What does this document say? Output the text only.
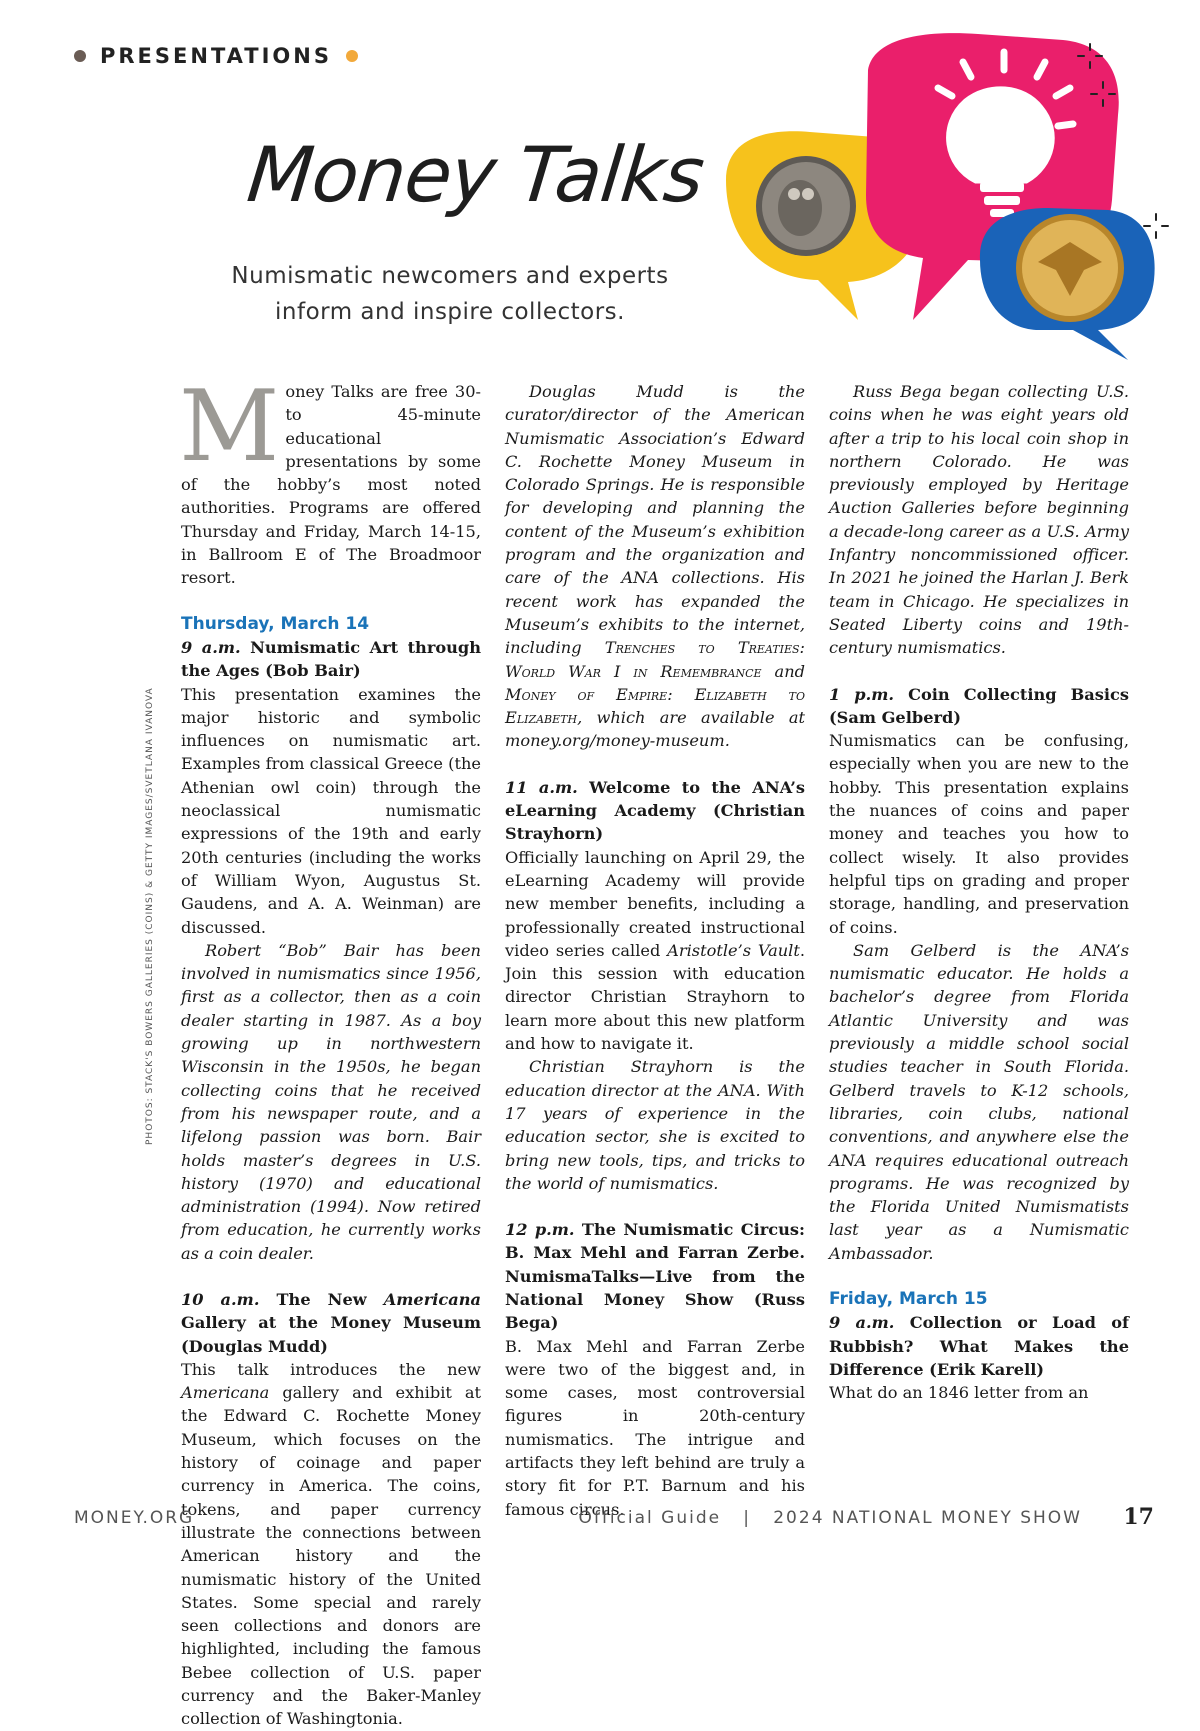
PRESENTATIONS
Money Talks
Numismatic newcomers and experts
inform and inspire collectors.
PHOTOS: STACK'S BOWERS GALLERIES (COINS) & GETTY IMAGES/SVETLANA IVANOVA

Money Talks are free 30- to 45-minute educational presentations by some of the hobby’s most noted authorities. Programs are offered Thursday and Friday, March 14-15, in Ballroom E of The Broadmoor resort.

Thursday, March 14

9 a.m. Numismatic Art through the Ages (Bob Bair)

This presentation examines the major historic and symbolic influences on numismatic art. Examples from classical Greece (the Athenian owl coin) through the neoclassical numismatic expressions of the 19th and early 20th centuries (including the works of William Wyon, Augustus St. Gaudens, and A. A. Weinman) are discussed.

Robert “Bob” Bair has been involved in numismatics since 1956, first as a collector, then as a coin dealer starting in 1987. As a boy growing up in northwestern Wisconsin in the 1950s, he began collecting coins that he received from his newspaper route, and a lifelong passion was born. Bair holds master’s degrees in U.S. history (1970) and educational administration (1994). Now retired from education, he currently works as a coin dealer.

10 a.m. The New Americana Gallery at the Money Museum (Douglas Mudd)

This talk introduces the new Americana gallery and exhibit at the Edward C. Rochette Money Museum, which focuses on the history of coinage and paper currency in America. The coins, tokens, and paper currency illustrate the connections between American history and the numismatic history of the United States. Some special and rarely seen collections and donors are highlighted, including the famous Bebee collection of U.S. paper currency and the Baker-Manley collection of Washingtonia.

Douglas Mudd is the curator/director of the American Numismatic Association’s Edward C. Rochette Money Museum in Colorado Springs. He is responsible for developing and planning the content of the Museum’s exhibition program and the organization and care of the ANA collections. His recent work has expanded the Museum’s exhibits to the internet, including Trenches to Treaties: World War I in Remembrance and Money of Empire: Elizabeth to Elizabeth, which are available at money.org/money-museum.

11 a.m. Welcome to the ANA’s eLearning Academy (Christian Strayhorn)

Officially launching on April 29, the eLearning Academy will provide new member benefits, including a professionally created instructional video series called Aristotle’s Vault. Join this session with education director Christian Strayhorn to learn more about this new platform and how to navigate it.

Christian Strayhorn is the education director at the ANA. With 17 years of experience in the education sector, she is excited to bring new tools, tips, and tricks to the world of numismatics.

12 p.m. The Numismatic Circus: B. Max Mehl and Farran Zerbe. NumismaTalks—Live from the National Money Show (Russ Bega)

B. Max Mehl and Farran Zerbe were two of the biggest and, in some cases, most controversial figures in 20th-century numismatics. The intrigue and artifacts they left behind are truly a story fit for P.T. Barnum and his famous circus.

Russ Bega began collecting U.S. coins when he was eight years old after a trip to his local coin shop in northern Colorado. He was previously employed by Heritage Auction Galleries before beginning a decade-long career as a U.S. Army Infantry noncommissioned officer. In 2021 he joined the Harlan J. Berk team in Chicago. He specializes in Seated Liberty coins and 19th-century numismatics.

1 p.m. Coin Collecting Basics (Sam Gelberd)

Numismatics can be confusing, especially when you are new to the hobby. This presentation explains the nuances of coins and paper money and teaches you how to collect wisely. It also provides helpful tips on grading and proper storage, handling, and preservation of coins.

Sam Gelberd is the ANA’s numismatic educator. He holds a bachelor’s degree from Florida Atlantic University and was previously a middle school social studies teacher in South Florida. Gelberd travels to K-12 schools, libraries, coin clubs, national conventions, and anywhere else the ANA requires educational outreach programs. He was recognized by the Florida United Numismatists last year as a Numismatic Ambassador.

Friday, March 15

9 a.m. Collection or Load of Rubbish? What Makes the Difference (Erik Karell)

What do an 1846 letter from an

MONEY.ORG	Official Guide   |   2024 NATIONAL MONEY SHOW 17
